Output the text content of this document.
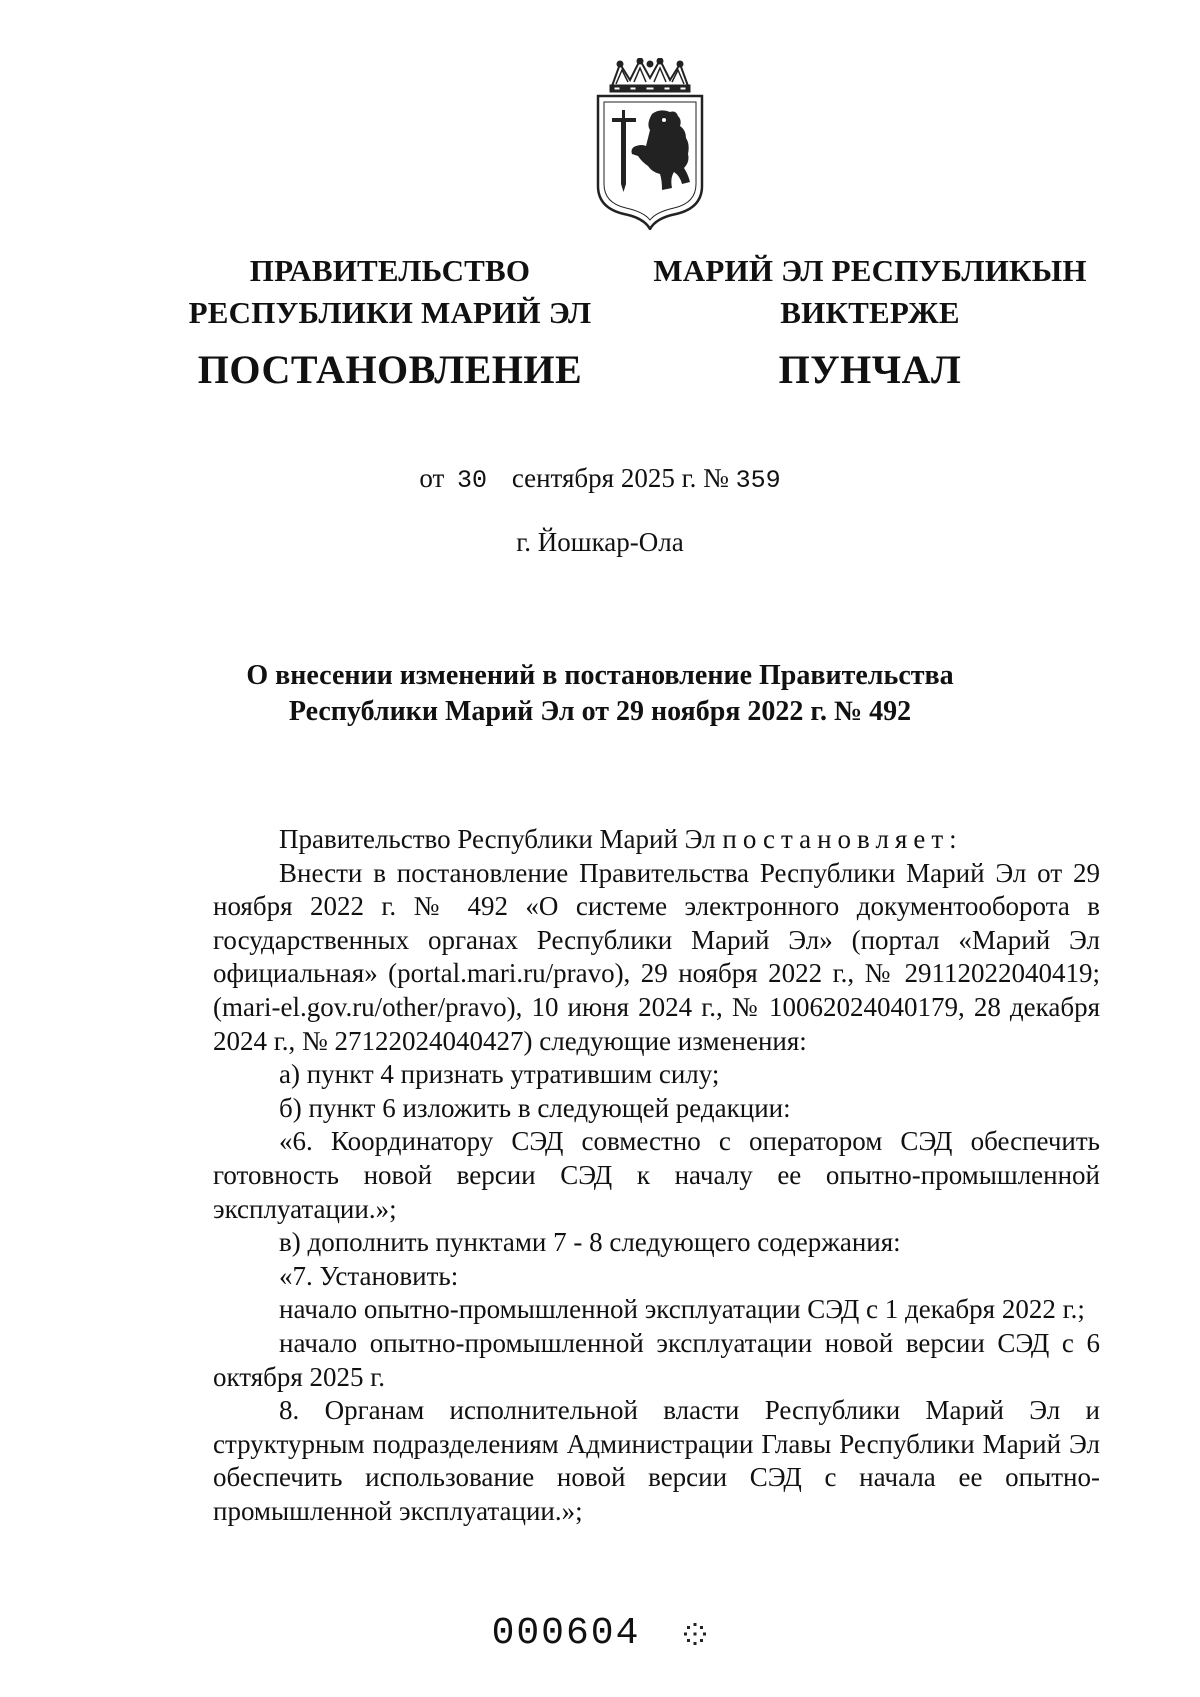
ПРАВИТЕЛЬСТВО
РЕСПУБЛИКИ МАРИЙ ЭЛ
ПОСТАНОВЛЕНИЕ
МАРИЙ ЭЛ РЕСПУБЛИКЫН
ВИКТЕРЖЕ
ПУНЧАЛ
от 30 сентября 2025 г. № 359
г. Йошкар-Ола
О внесении изменений в постановление Правительства
Республики Марий Эл от 29 ноября 2022 г. № 492

Правительство Республики Марий Эл постановляет:

Внести в постановление Правительства Республики Марий Эл от 29 ноября 2022 г. № 492 «О системе электронного документооборота в государственных органах Республики Марий Эл» (портал «Марий Эл официальная» (portal.mari.ru/pravo), 29 ноября 2022 г., № 29112022040419; (mari-el.gov.ru/other/pravo), 10 июня 2024 г., № 10062024040179, 28 декабря 2024 г., № 27122024040427) следующие изменения:

а) пункт 4 признать утратившим силу;

б) пункт 6 изложить в следующей редакции:

«6. Координатору СЭД совместно с оператором СЭД обеспечить готовность новой версии СЭД к началу ее опытно-промышленной эксплуатации.»;

в) дополнить пунктами 7 - 8 следующего содержания:

«7. Установить:

начало опытно-промышленной эксплуатации СЭД с 1 декабря 2022 г.;

начало опытно-промышленной эксплуатации новой версии СЭД с 6 октября 2025 г.

8. Органам исполнительной власти Республики Марий Эл и структурным подразделениям Администрации Главы Республики Марий Эл обеспечить использование новой версии СЭД с начала ее опытно-промышленной эксплуатации.»;

000604
